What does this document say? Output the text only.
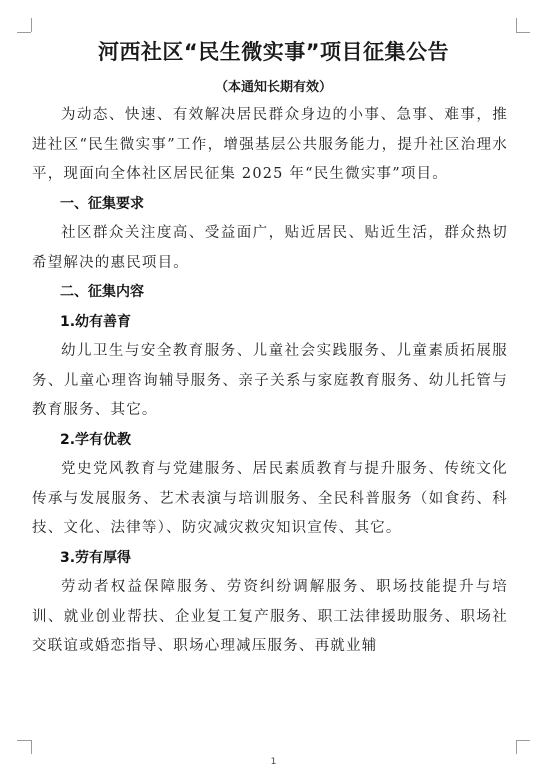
河西社区“民生微实事”项目征集公告

（本通知长期有效）

为动态、快速、有效解决居民群众身边的小事、急事、难事，推进社区“民生微实事”工作，增强基层公共服务能力，提升社区治理水平，现面向全体社区居民征集 2025 年“民生微实事”项目。

一、征集要求

社区群众关注度高、受益面广，贴近居民、贴近生活，群众热切希望解决的惠民项目。

二、征集内容

1.幼有善育

幼儿卫生与安全教育服务、儿童社会实践服务、儿童素质拓展服务、儿童心理咨询辅导服务、亲子关系与家庭教育服务、幼儿托管与教育服务、其它。

2.学有优教

党史党风教育与党建服务、居民素质教育与提升服务、传统文化传承与发展服务、艺术表演与培训服务、全民科普服务（如食药、科技、文化、法律等）、防灾减灾救灾知识宣传、其它。

3.劳有厚得

劳动者权益保障服务、劳资纠纷调解服务、职场技能提升与培训、就业创业帮扶、企业复工复产服务、职工法律援助服务、职场社交联谊或婚恋指导、职场心理减压服务、再就业辅

1
